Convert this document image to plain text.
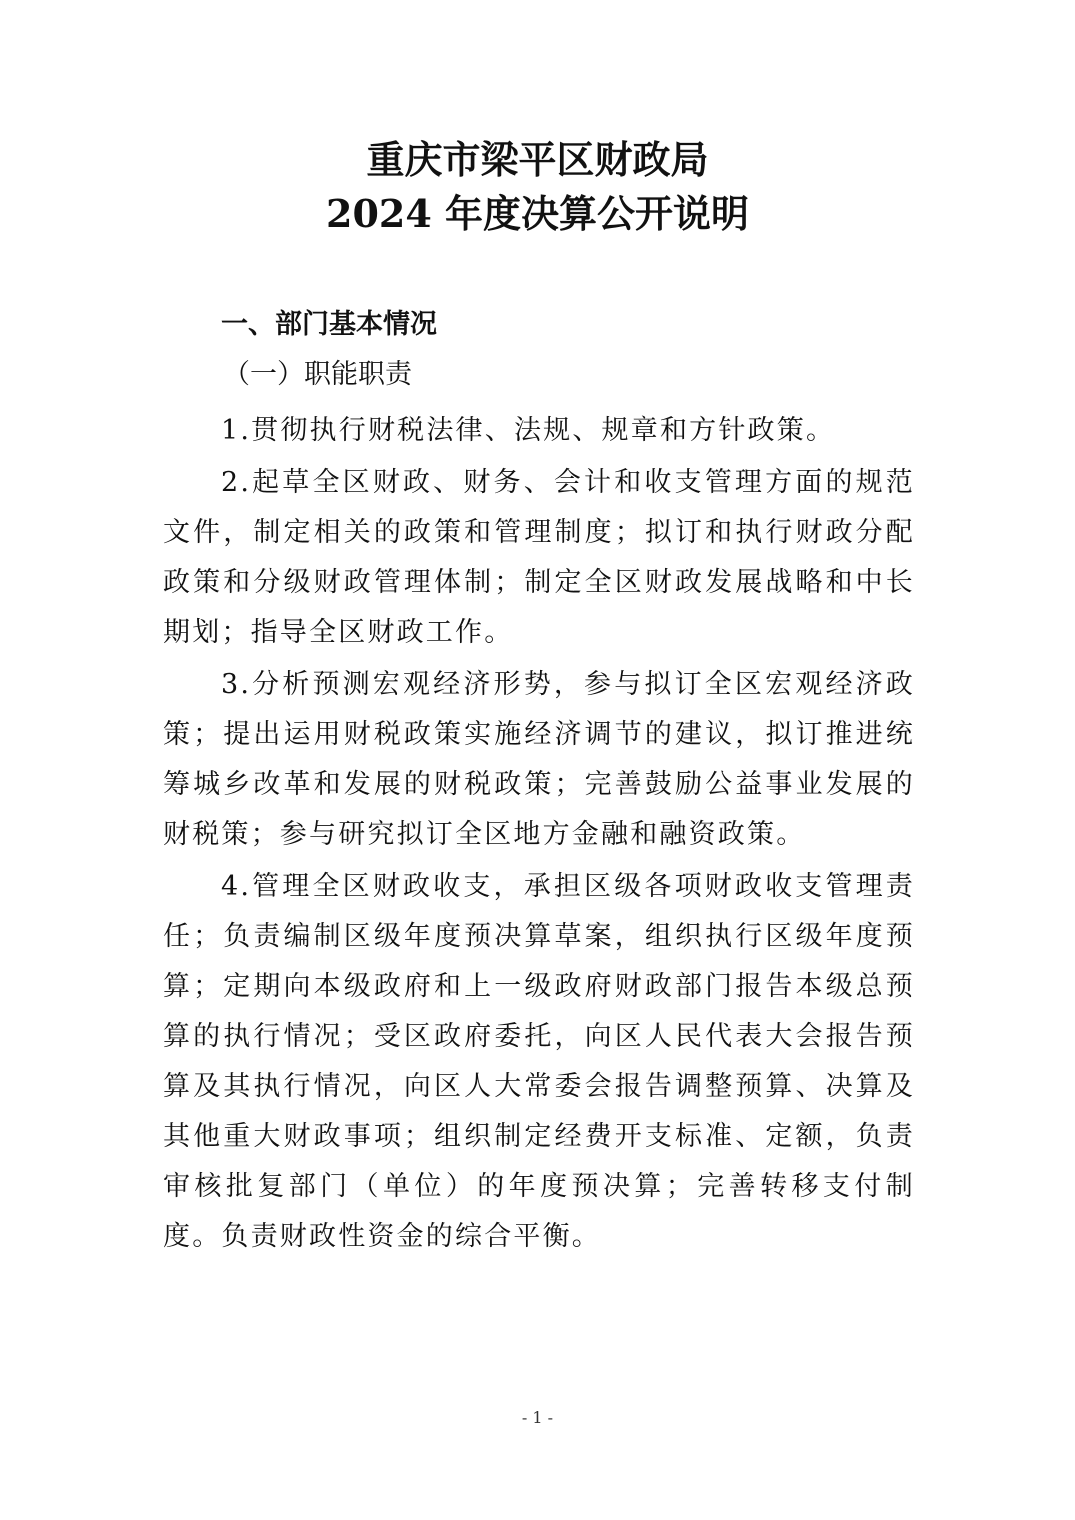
重庆市梁平区财政局
2024 年度决算公开说明

一、部门基本情况

（一）职能职责

1.贯彻执行财税法律、法规、规章和方针政策。

2.起草全区财政、财务、会计和收支管理方面的规范文件，制定相关的政策和管理制度；拟订和执行财政分配政策和分级财政管理体制；制定全区财政发展战略和中长期划；指导全区财政工作。

3.分析预测宏观经济形势，参与拟订全区宏观经济政策；提出运用财税政策实施经济调节的建议，拟订推进统筹城乡改革和发展的财税政策；完善鼓励公益事业发展的财税策；参与研究拟订全区地方金融和融资政策。

4.管理全区财政收支，承担区级各项财政收支管理责任；负责编制区级年度预决算草案，组织执行区级年度预算；定期向本级政府和上一级政府财政部门报告本级总预算的执行情况；受区政府委托，向区人民代表大会报告预算及其执行情况，向区人大常委会报告调整预算、决算及其他重大财政事项；组织制定经费开支标准、定额，负责审核批复部门（单位）的年度预决算；完善转移支付制度。负责财政性资金的综合平衡。

- 1 -
